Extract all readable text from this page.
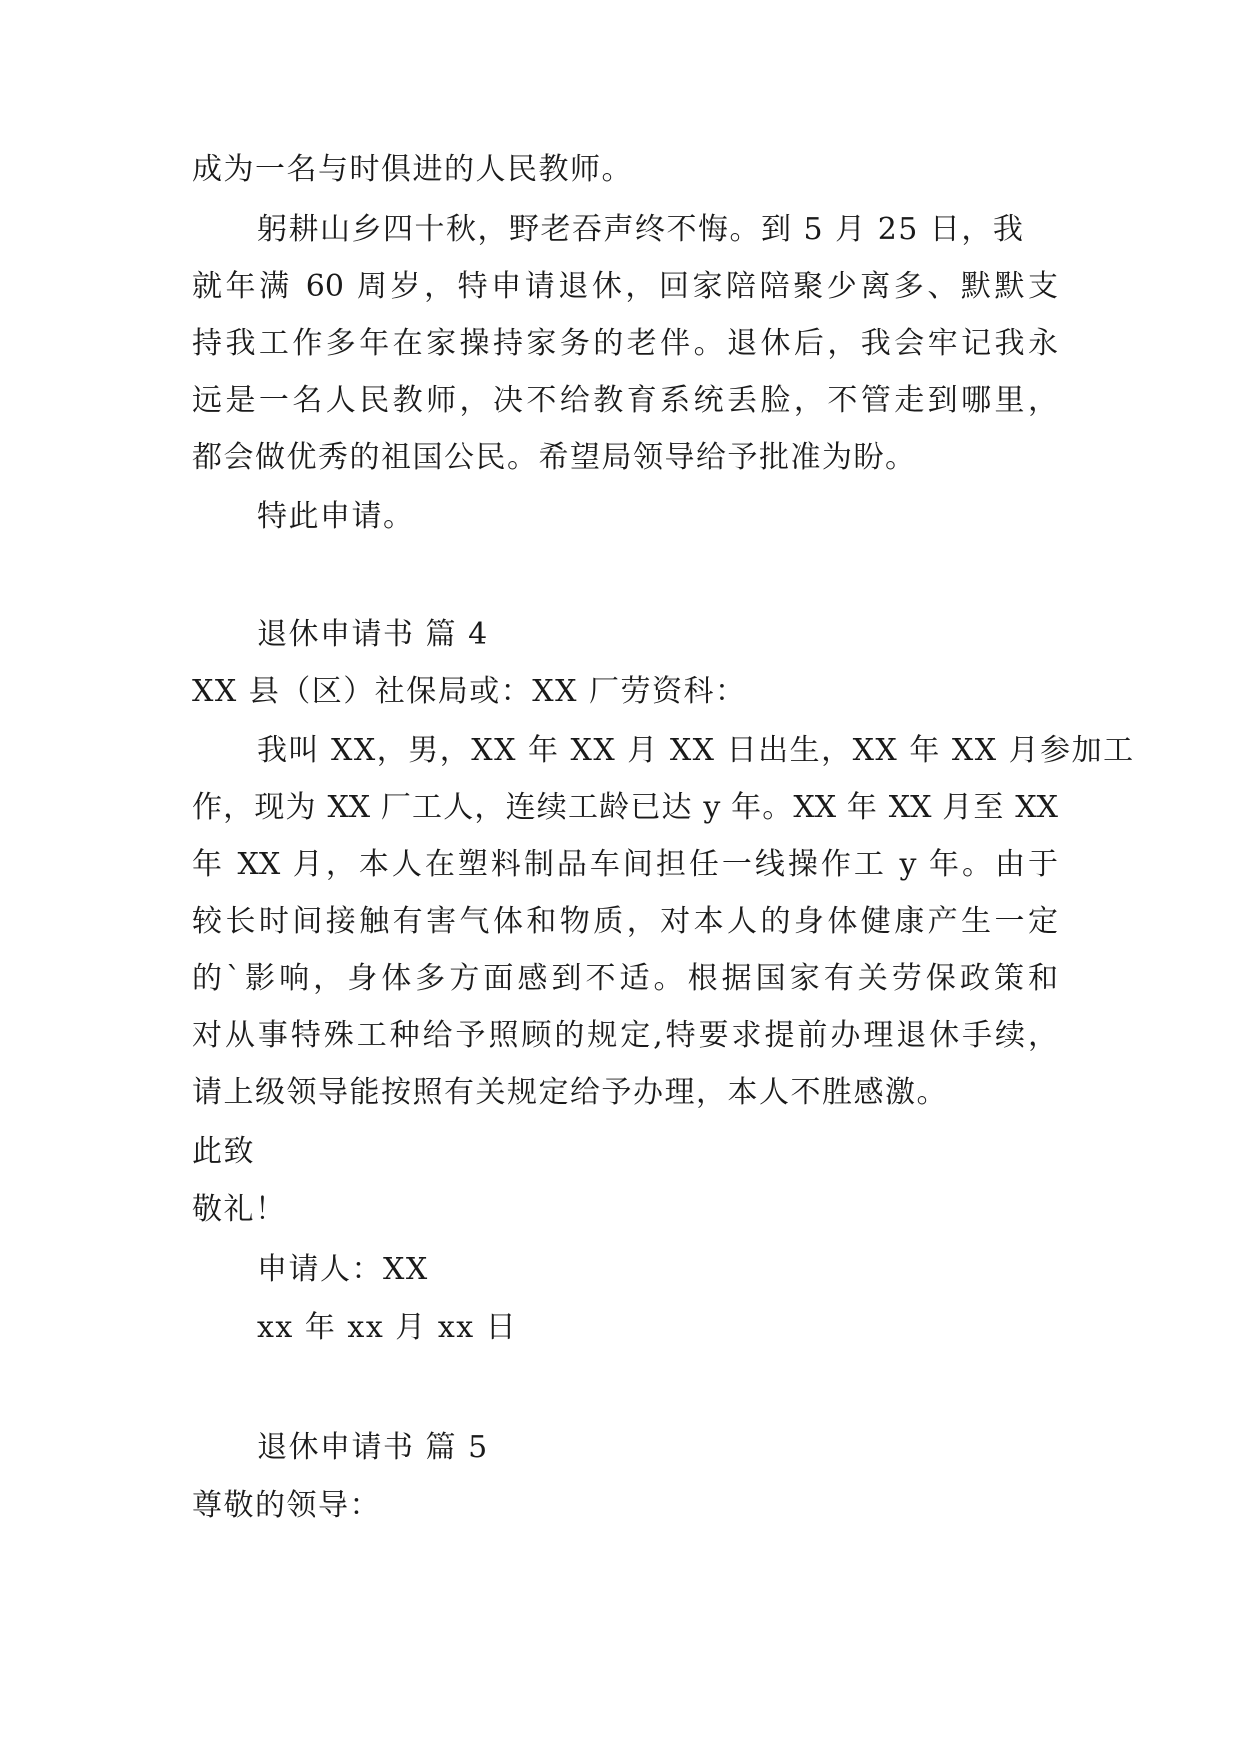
成为一名与时俱进的人民教师。

躬耕山乡四十秋，野老吞声终不悔。到 5 月 25 日，我

就年满 60 周岁，特申请退休，回家陪陪聚少离多、默默支

持我工作多年在家操持家务的老伴。退休后，我会牢记我永

远是一名人民教师，决不给教育系统丢脸，不管走到哪里，

都会做优秀的祖国公民。希望局领导给予批准为盼。

特此申请。

退休申请书 篇 4

XX 县（区）社保局或：XX 厂劳资科：

我叫 XX，男，XX 年 XX 月 XX 日出生，XX 年 XX 月参加工

作，现为 XX 厂工人，连续工龄已达 y 年。XX 年 XX 月至 XX

年 XX 月，本人在塑料制品车间担任一线操作工 y 年。由于

较长时间接触有害气体和物质，对本人的身体健康产生一定

的`影响，身体多方面感到不适。根据国家有关劳保政策和

对从事特殊工种给予照顾的规定,特要求提前办理退休手续，

请上级领导能按照有关规定给予办理，本人不胜感激。

此致

敬礼！

申请人：XX

xx 年 xx 月 xx 日

退休申请书 篇 5

尊敬的领导：
